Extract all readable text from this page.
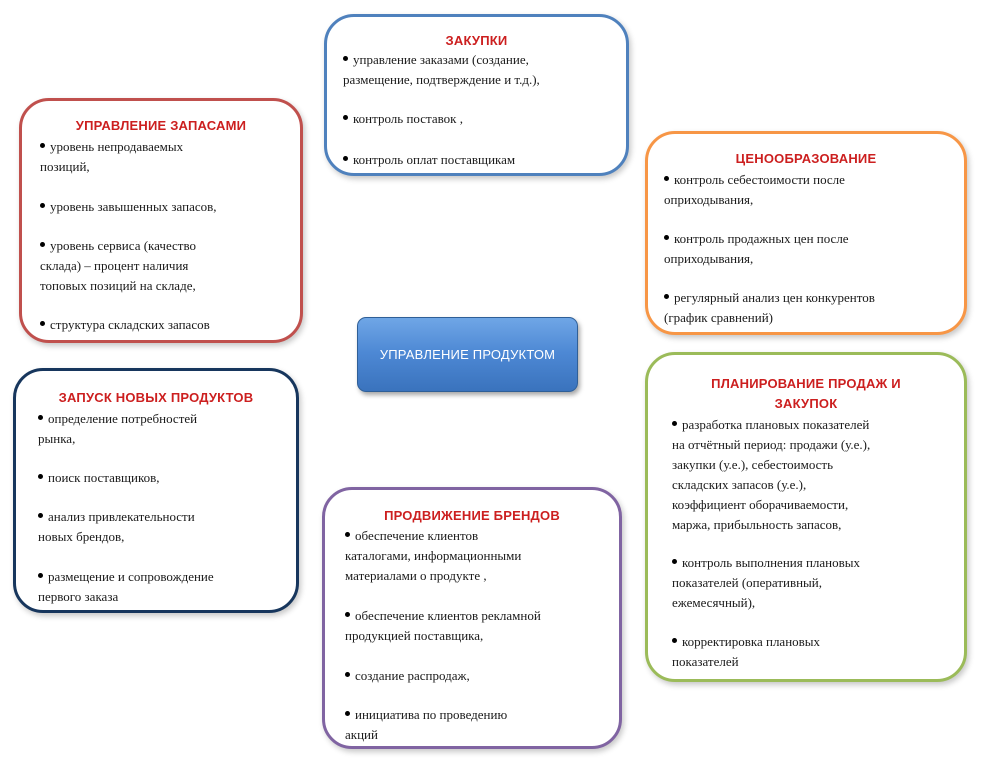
ЗАКУПКИ
управление заказами (создание,
размещение, подтверждение и т.д.),
контроль поставок ,
контроль оплат поставщикам
УПРАВЛЕНИЕ ЗАПАСАМИ
уровень непродаваемых
позиций,
уровень завышенных запасов,
уровень сервиса (качество
склада) – процент наличия
топовых позиций на складе,
структура складских запасов
ЦЕНООБРАЗОВАНИЕ
контроль себестоимости после
оприходывания,
контроль продажных цен после
оприходывания,
регулярный анализ цен конкурентов
(график сравнений)
УПРАВЛЕНИЕ ПРОДУКТОМ
ЗАПУСК НОВЫХ ПРОДУКТОВ
определение потребностей
рынка,
поиск поставщиков,
анализ привлекательности
новых брендов,
размещение и сопровождение
первого заказа
ПЛАНИРОВАНИЕ ПРОДАЖ И
ЗАКУПОК
разработка плановых показателей
на отчётный период: продажи (у.е.),
закупки (у.е.), себестоимость
складских запасов (у.е.),
коэффициент оборачиваемости,
маржа, прибыльность запасов,
контроль выполнения плановых
показателей (оперативный,
ежемесячный),
корректировка плановых
показателей
ПРОДВИЖЕНИЕ БРЕНДОВ
обеспечение клиентов
каталогами, информационными
материалами о продукте ,
обеспечение клиентов рекламной
продукцией поставщика,
создание распродаж,
инициатива по проведению
акций
